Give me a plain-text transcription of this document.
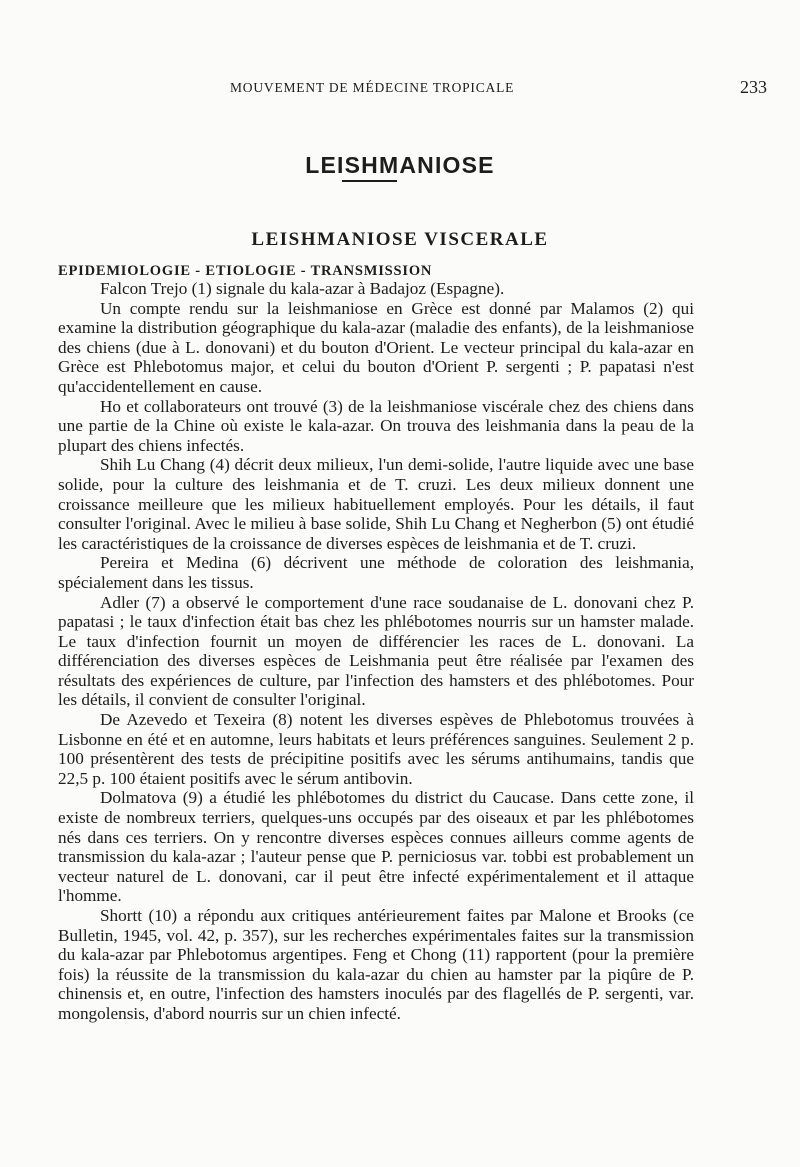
MOUVEMENT DE MÉDECINE TROPICALE	233
LEISHMANIOSE
LEISHMANIOSE VISCERALE
EPIDEMIOLOGIE - ETIOLOGIE - TRANSMISSION

Falcon Trejo (1) signale du kala-azar à Badajoz (Espagne).

Un compte rendu sur la leishmaniose en Grèce est donné par Malamos (2) qui examine la distribution géographique du kala-azar (maladie des enfants), de la leishmaniose des chiens (due à L. donovani) et du bouton d'Orient. Le vecteur principal du kala-azar en Grèce est Phlebotomus major, et celui du bouton d'Orient P. sergenti ; P. papatasi n'est qu'accidentellement en cause.

Ho et collaborateurs ont trouvé (3) de la leishmaniose viscérale chez des chiens dans une partie de la Chine où existe le kala-azar. On trouva des leishmania dans la peau de la plupart des chiens infectés.

Shih Lu Chang (4) décrit deux milieux, l'un demi-solide, l'autre liquide avec une base solide, pour la culture des leishmania et de T. cruzi. Les deux milieux donnent une croissance meilleure que les milieux habituellement employés. Pour les détails, il faut consulter l'original. Avec le milieu à base solide, Shih Lu Chang et Negherbon (5) ont étudié les caractéristiques de la croissance de diverses espèces de leishmania et de T. cruzi.

Pereira et Medina (6) décrivent une méthode de coloration des leishmania, spécialement dans les tissus.

Adler (7) a observé le comportement d'une race soudanaise de L. donovani chez P. papatasi ; le taux d'infection était bas chez les phlébotomes nourris sur un hamster malade. Le taux d'infection fournit un moyen de différencier les races de L. donovani. La différenciation des diverses espèces de Leishmania peut être réalisée par l'examen des résultats des expériences de culture, par l'infection des hamsters et des phlébotomes. Pour les détails, il convient de consulter l'original.

De Azevedo et Texeira (8) notent les diverses espèves de Phlebotomus trouvées à Lisbonne en été et en automne, leurs habitats et leurs préférences sanguines. Seulement 2 p. 100 présentèrent des tests de précipitine positifs avec les sérums antihumains, tandis que 22,5 p. 100 étaient positifs avec le sérum antibovin.

Dolmatova (9) a étudié les phlébotomes du district du Caucase. Dans cette zone, il existe de nombreux terriers, quelques-uns occupés par des oiseaux et par les phlébotomes nés dans ces terriers. On y rencontre diverses espèces connues ailleurs comme agents de transmission du kala-azar ; l'auteur pense que P. perniciosus var. tobbi est probablement un vecteur naturel de L. donovani, car il peut être infecté expérimentalement et il attaque l'homme.

Shortt (10) a répondu aux critiques antérieurement faites par Malone et Brooks (ce Bulletin, 1945, vol. 42, p. 357), sur les recherches expérimentales faites sur la transmission du kala-azar par Phlebotomus argentipes. Feng et Chong (11) rapportent (pour la première fois) la réussite de la transmission du kala-azar du chien au hamster par la piqûre de P. chinensis et, en outre, l'infection des hamsters inoculés par des flagellés de P. sergenti, var. mongolensis, d'abord nourris sur un chien infecté.
